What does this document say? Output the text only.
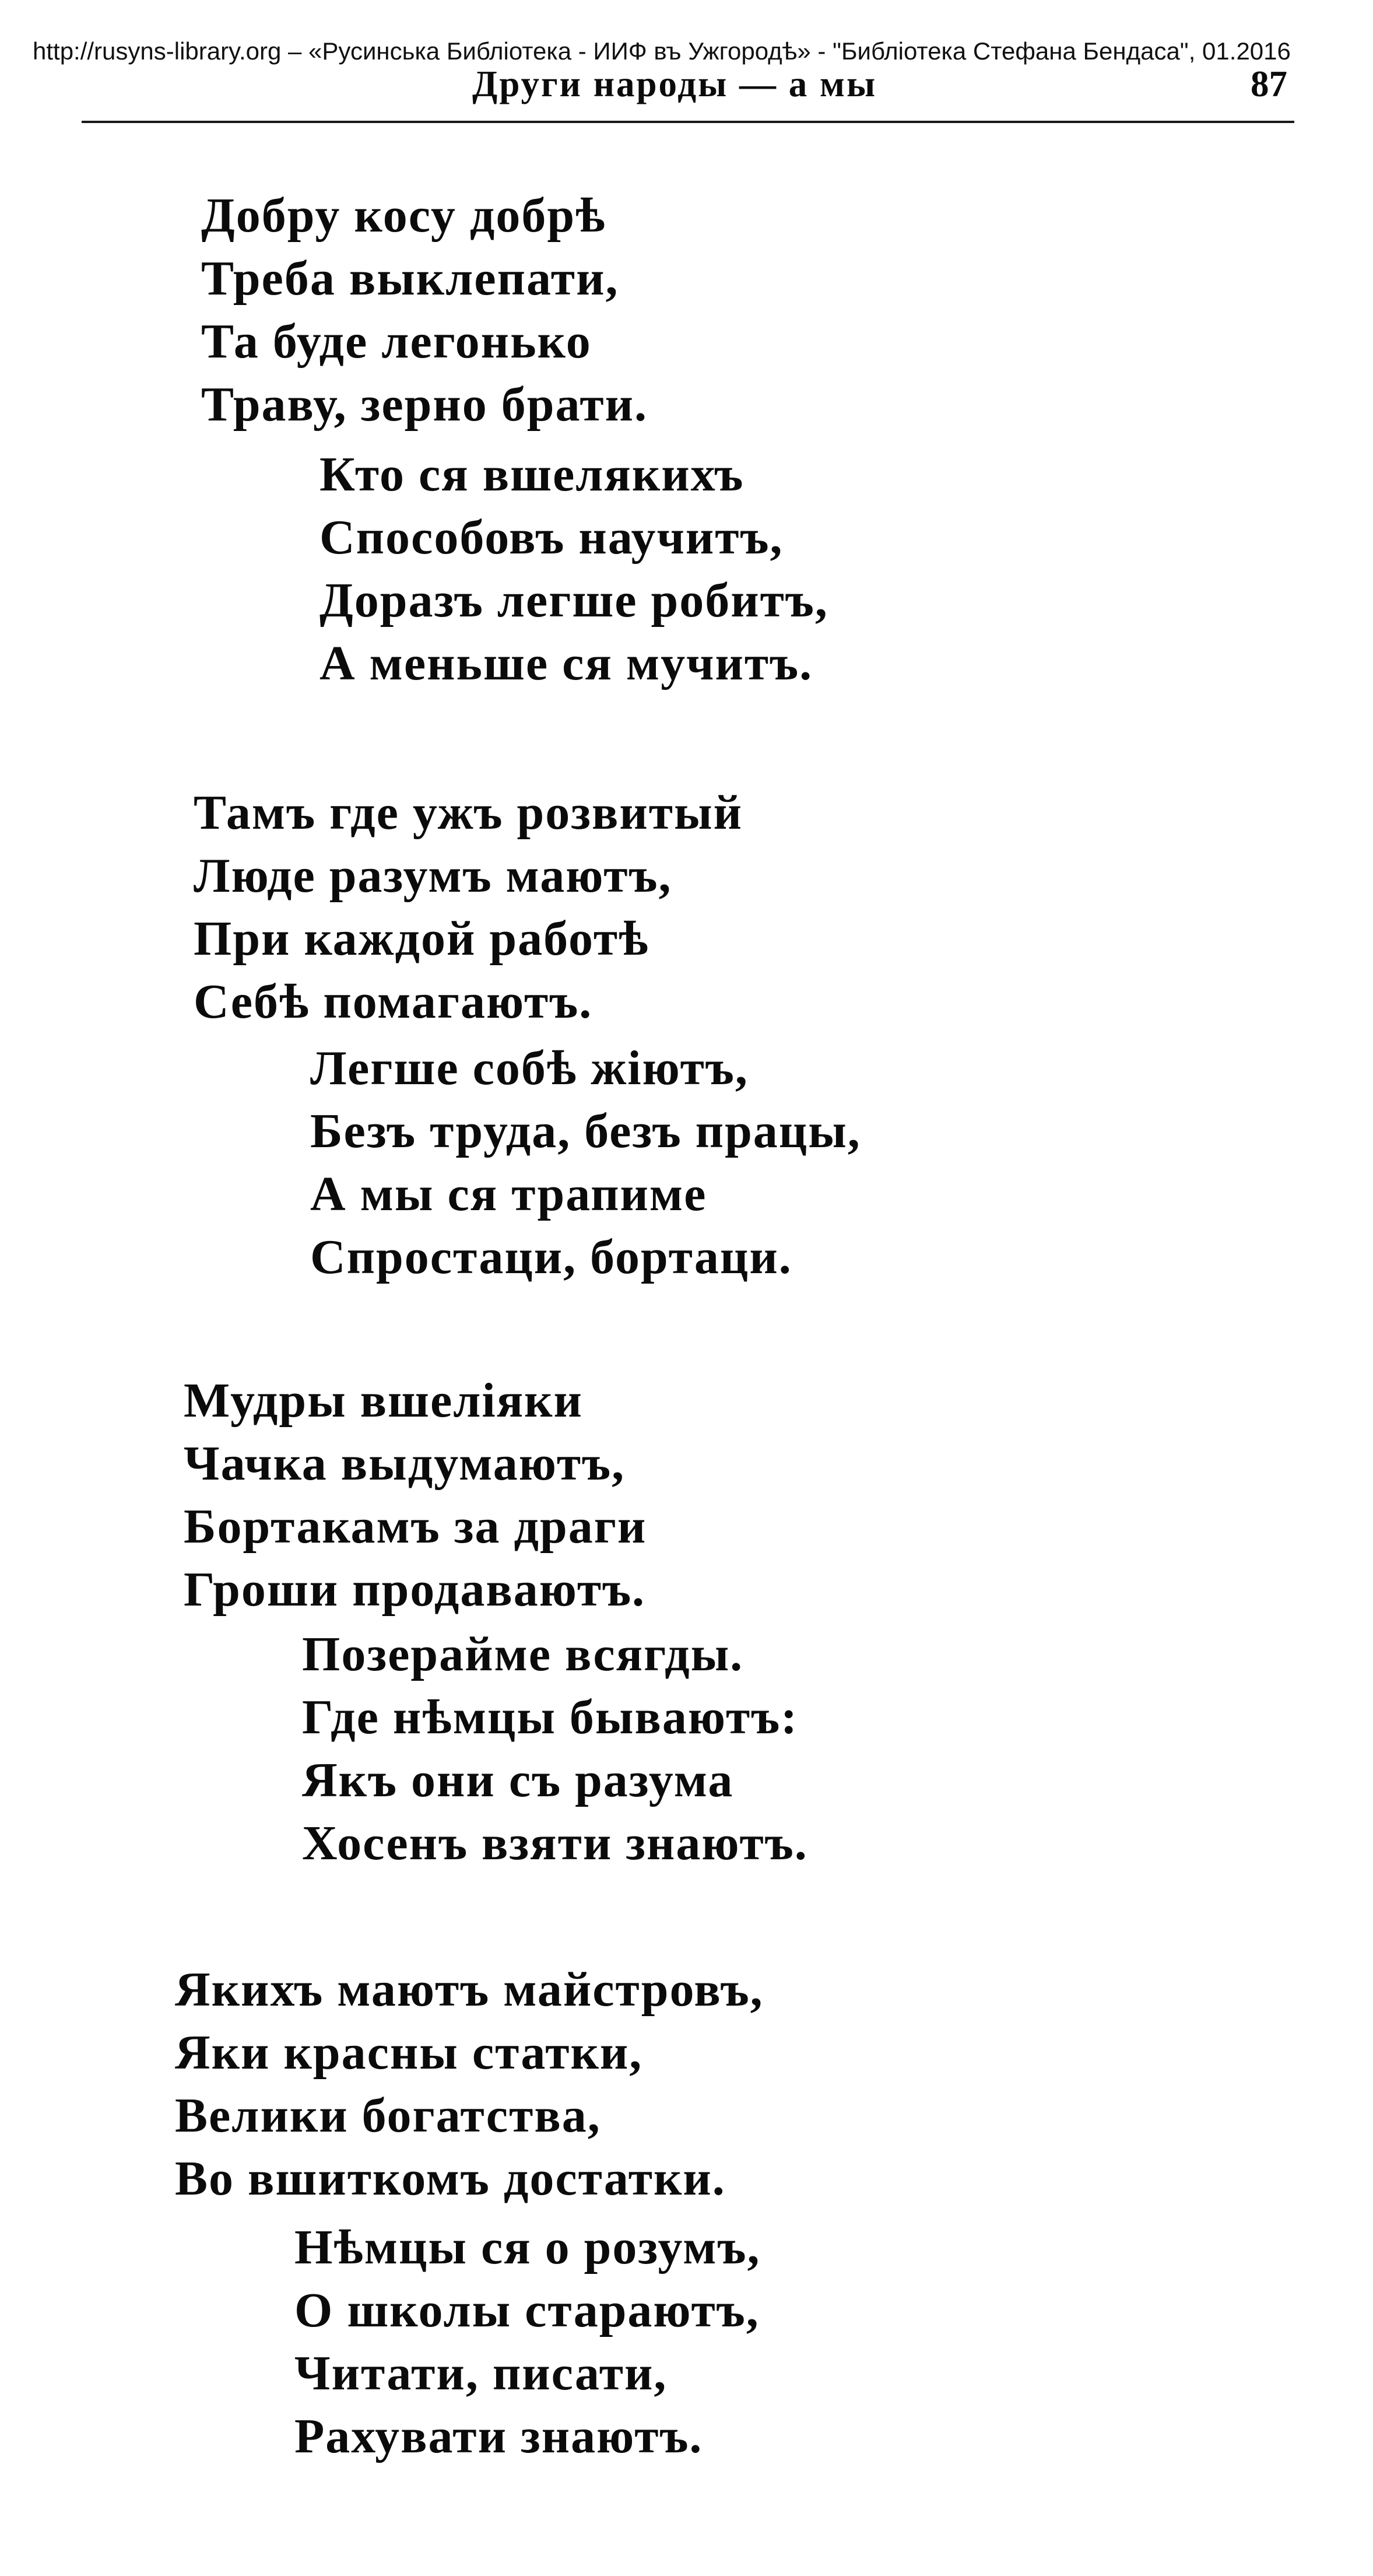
http://rusyns-library.org – «Русинська Библiотека - ИИФ въ Ужгородѣ» - "Библiотека Стефана Бендаса", 01.2016
Други народы — а мы	87
Добру косу добрѣ
Треба выклепати,
Та буде легонько
Траву, зерно брати.
Кто ся вшелякихъ
Способовъ научитъ,
Доразъ легше робитъ,
А меньше ся мучитъ.
Тамъ где ужъ розвитый
Люде разумъ маютъ,
При каждой работѣ
Себѣ помагаютъ.
Легше собѣ жiютъ,
Безъ труда, безъ працы,
А мы ся трапиме
Спростаци, бортаци.
Мудры вшелiяки
Чачка выдумаютъ,
Бортакамъ за драги
Гроши продаваютъ.
Позерайме всягды.
Где нѣмцы бываютъ:
Якъ они съ разума
Хосенъ взяти знаютъ.
Якихъ маютъ майстровъ,
Яки красны статки,
Велики богатства,
Во вшиткомъ достатки.
Нѣмцы ся о розумъ,
О школы стараютъ,
Читати, писати,
Рахувати знаютъ.
